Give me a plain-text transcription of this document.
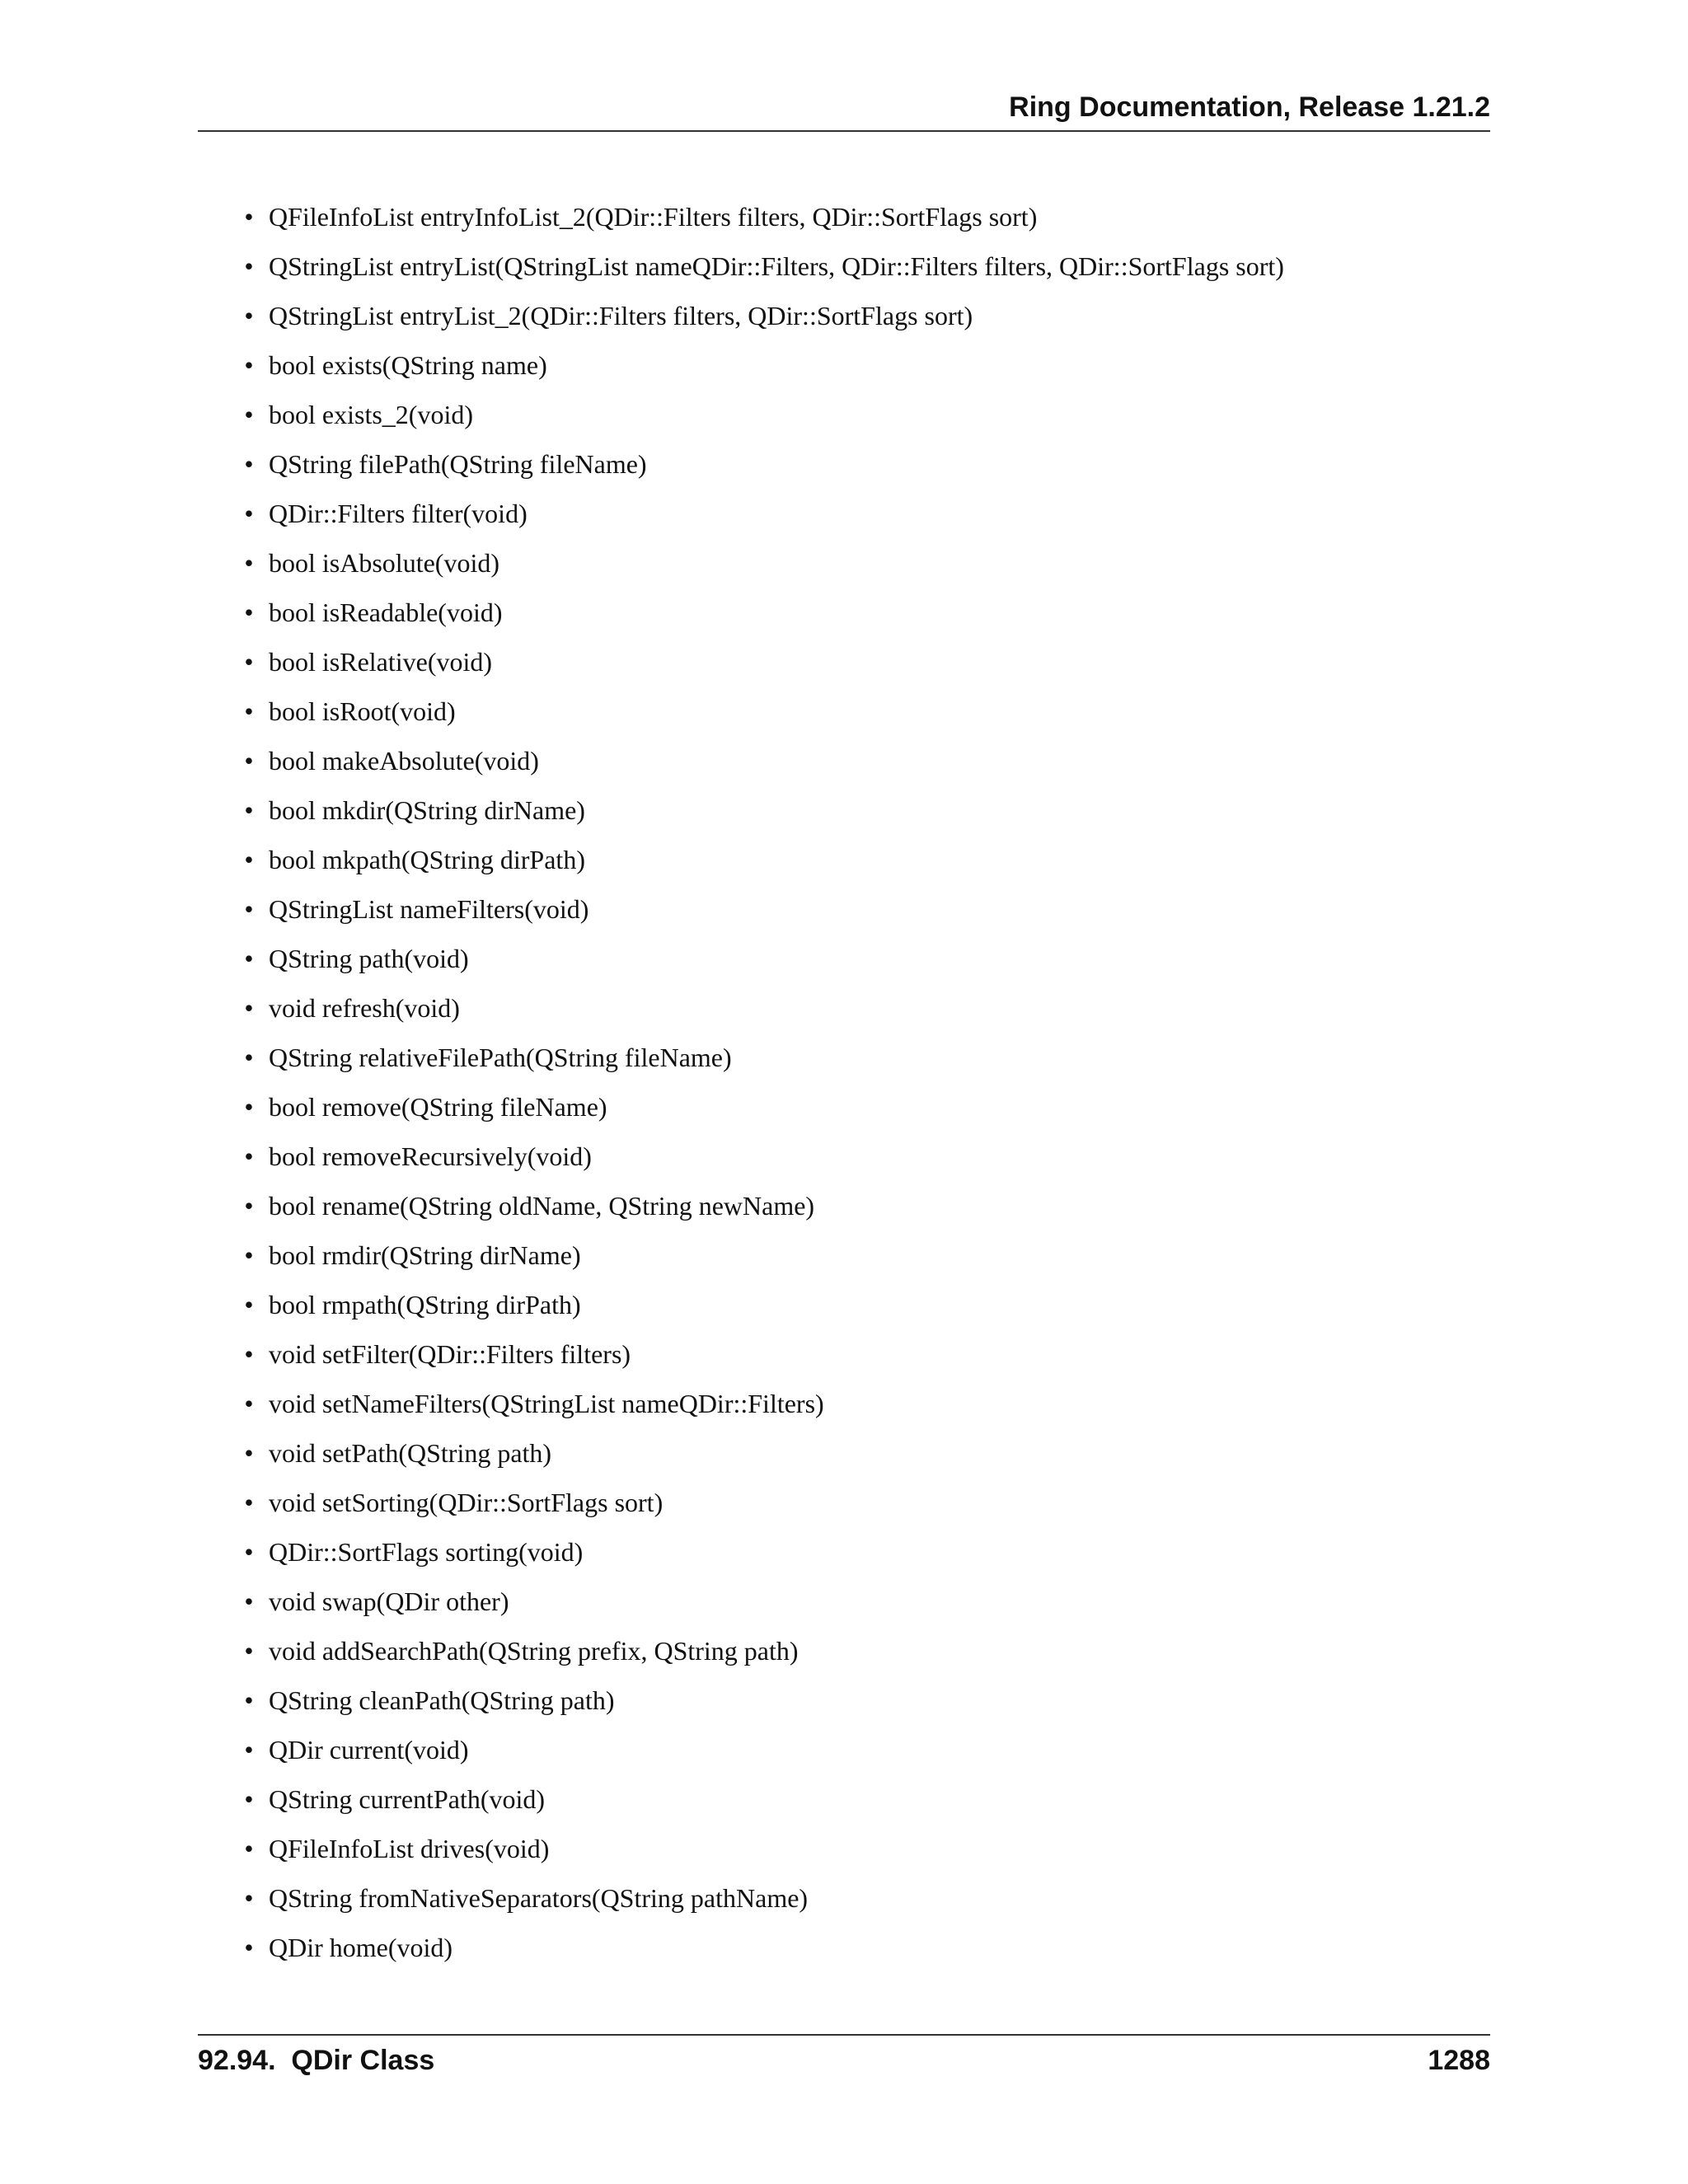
Ring Documentation, Release 1.21.2
• QFileInfoList entryInfoList_2(QDir::Filters filters, QDir::SortFlags sort)
• QStringList entryList(QStringList nameQDir::Filters, QDir::Filters filters, QDir::SortFlags sort)
• QStringList entryList_2(QDir::Filters filters, QDir::SortFlags sort)
• bool exists(QString name)
• bool exists_2(void)
• QString filePath(QString fileName)
• QDir::Filters filter(void)
• bool isAbsolute(void)
• bool isReadable(void)
• bool isRelative(void)
• bool isRoot(void)
• bool makeAbsolute(void)
• bool mkdir(QString dirName)
• bool mkpath(QString dirPath)
• QStringList nameFilters(void)
• QString path(void)
• void refresh(void)
• QString relativeFilePath(QString fileName)
• bool remove(QString fileName)
• bool removeRecursively(void)
• bool rename(QString oldName, QString newName)
• bool rmdir(QString dirName)
• bool rmpath(QString dirPath)
• void setFilter(QDir::Filters filters)
• void setNameFilters(QStringList nameQDir::Filters)
• void setPath(QString path)
• void setSorting(QDir::SortFlags sort)
• QDir::SortFlags sorting(void)
• void swap(QDir other)
• void addSearchPath(QString prefix, QString path)
• QString cleanPath(QString path)
• QDir current(void)
• QString currentPath(void)
• QFileInfoList drives(void)
• QString fromNativeSeparators(QString pathName)
• QDir home(void)
92.94.  QDir Class	1288
